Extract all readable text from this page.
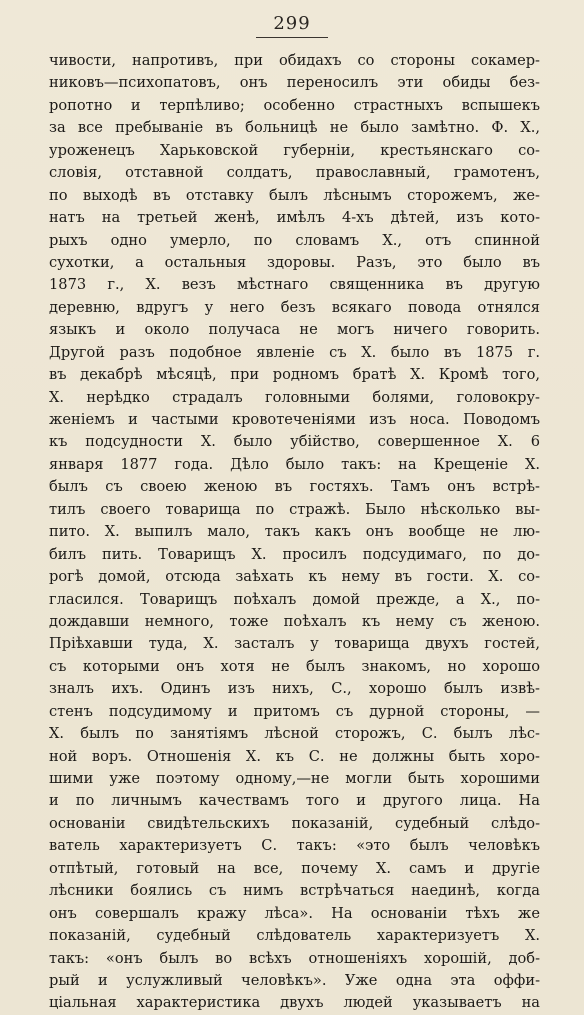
299
чивости, напротивъ, при обидахъ со стороны сокамер-
никовъ—психопатовъ, онъ переносилъ эти обиды без-
ропотно и терпѣливо; особенно страстныхъ вспышекъ
за все пребыванiе въ больницѣ не было замѣтно. Ф. Х.,
уроженецъ Харьковской губернiи, крестьянскаго со-
словiя, отставной солдатъ, православный, грамотенъ,
по выходѣ въ отставку былъ лѣснымъ сторожемъ, же-
натъ на третьей женѣ, имѣлъ 4-хъ дѣтей, изъ кото-
рыхъ одно умерло, по словамъ Х., отъ спинной
сухотки, а остальныя здоровы. Разъ, это было въ
1873 г., Х. везъ мѣстнаго священника въ другую
деревню, вдругъ у него безъ всякаго повода отнялся
языкъ и около получаса не могъ ничего говорить.
Другой разъ подобное явленiе съ Х. было въ 1875 г.
въ декабрѣ мѣсяцѣ, при родномъ братѣ Х. Кромѣ того,
Х. нерѣдко страдалъ головными болями, головокру-
женiемъ и частыми кровотеченiями изъ носа. Поводомъ
къ подсудности Х. было убiйство, совершенное Х. 6
января 1877 года. Дѣло было такъ: на Крещенiе Х.
былъ съ своею женою въ гостяхъ. Тамъ онъ встрѣ-
тилъ своего товарища по стражѣ. Было нѣсколько вы-
пито. Х. выпилъ мало, такъ какъ онъ вообще не лю-
билъ пить. Товарищъ Х. просилъ подсудимаго, по до-
рогѣ домой, отсюда заѣхать къ нему въ гости. Х. со-
гласился. Товарищъ поѣхалъ домой прежде, а Х., по-
дождавши немного, тоже поѣхалъ къ нему съ женою.
Прiѣхавши туда, Х. засталъ у товарища двухъ гостей,
съ которыми онъ хотя не былъ знакомъ, но хорошо
зналъ ихъ. Одинъ изъ нихъ, С., хорошо былъ извѣ-
стенъ подсудимому и притомъ съ дурной стороны, —
Х. былъ по занятiямъ лѣсной сторожъ, С. былъ лѣс-
ной воръ. Отношенiя Х. къ С. не должны быть хоро-
шими уже поэтому одному,—не могли быть хорошими
и по личнымъ качествамъ того и другого лица. На
основанiи свидѣтельскихъ показанiй, судебный слѣдо-
ватель характеризуетъ С. такъ: «это былъ человѣкъ
отпѣтый, готовый на все, почему Х. самъ и другiе
лѣсники боялись съ нимъ встрѣчаться наединѣ, когда
онъ совершалъ кражу лѣса». На основанiи тѣхъ же
показанiй, судебный слѣдователь характеризуетъ Х.
такъ: «онъ былъ во всѣхъ отношенiяхъ хорошiй, доб-
рый и услужливый человѣкъ». Уже одна эта оффи-
цiальная характеристика двухъ людей указываетъ на
